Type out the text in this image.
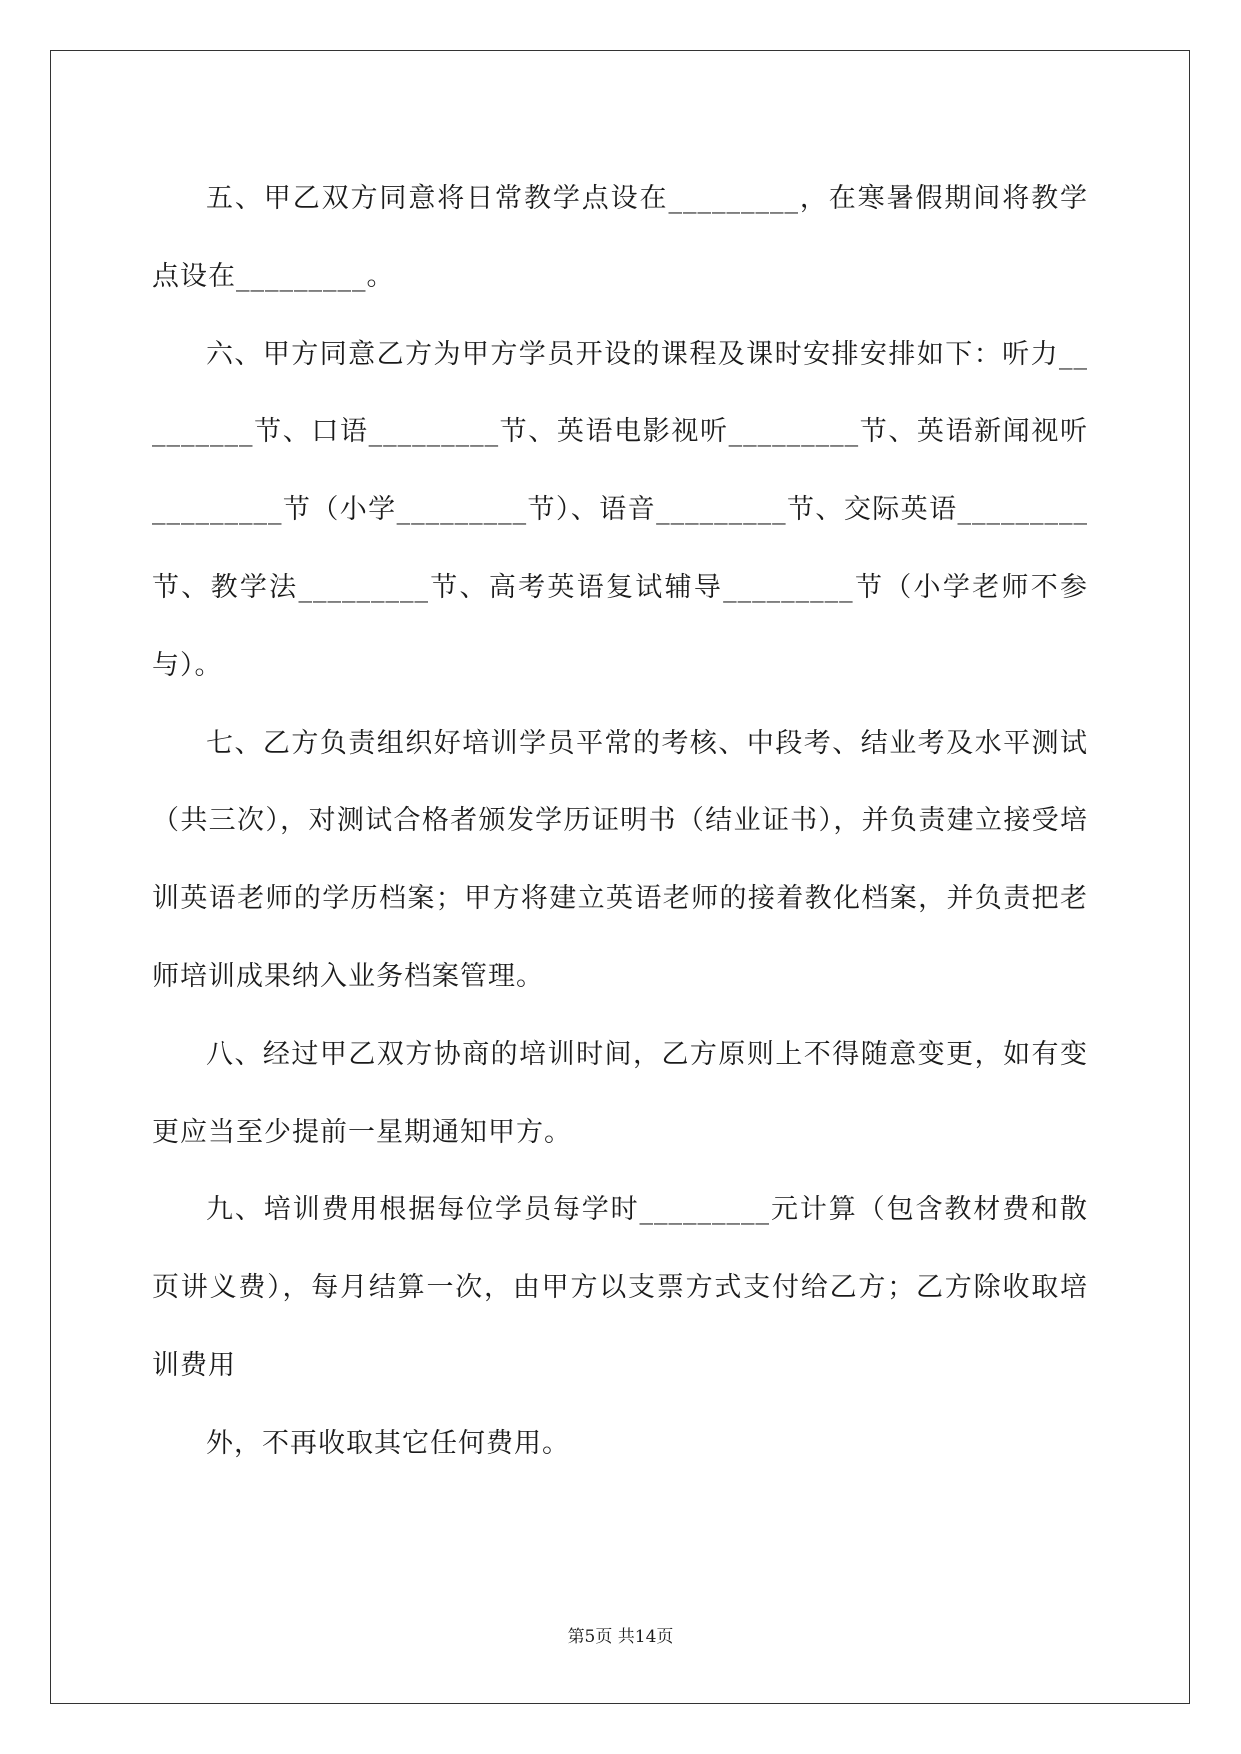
五、甲乙双方同意将日常教学点设在_________，在寒暑假期间将教学点设在_________。

六、甲方同意乙方为甲方学员开设的课程及课时安排安排如下：听力_________节、口语_________节、英语电影视听_________节、英语新闻视听_________节（小学_________节）、语音_________节、交际英语_________节、教学法_________节、高考英语复试辅导_________节（小学老师不参与）。

七、乙方负责组织好培训学员平常的考核、中段考、结业考及水平测试（共三次），对测试合格者颁发学历证明书（结业证书），并负责建立接受培训英语老师的学历档案；甲方将建立英语老师的接着教化档案，并负责把老师培训成果纳入业务档案管理。

八、经过甲乙双方协商的培训时间，乙方原则上不得随意变更，如有变更应当至少提前一星期通知甲方。

九、培训费用根据每位学员每学时_________元计算（包含教材费和散页讲义费），每月结算一次，由甲方以支票方式支付给乙方；乙方除收取培训费用

外，不再收取其它任何费用。

第5页 共14页
